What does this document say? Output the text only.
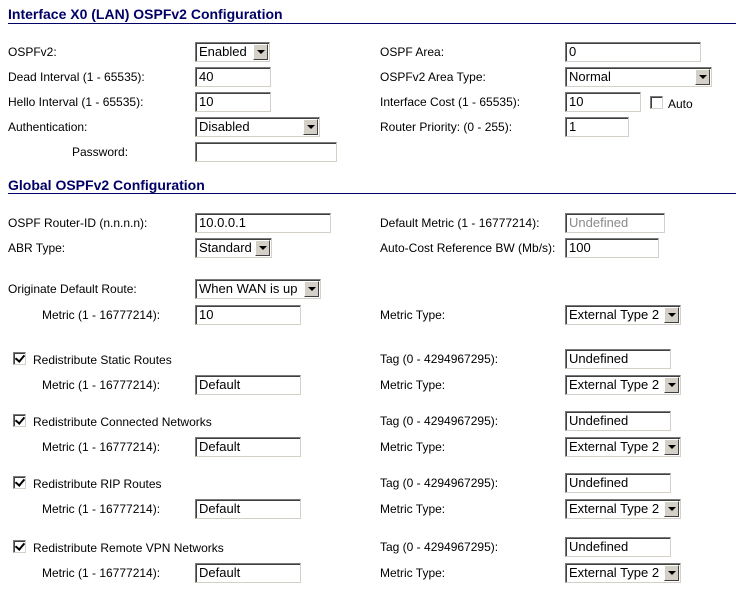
Interface X0 (LAN) OSPFv2 Configuration
OSPFv2:	Enabled	OSPF Area:	0
Dead Interval (1 - 65535):	40	OSPFv2 Area Type:	Normal
Hello Interval (1 - 65535):	10	Interface Cost (1 - 65535):	10	Auto
Authentication:	Disabled	Router Priority: (0 - 255):	1
Password:
Global OSPFv2 Configuration
OSPF Router-ID (n.n.n.n):	10.0.0.1	Default Metric (1 - 16777214):	Undefined
ABR Type:	Standard	Auto-Cost Reference BW (Mb/s):	100
Originate Default Route:	When WAN is up
Metric (1 - 16777214):	10	Metric Type:	External Type 2
Redistribute Static Routes	Tag (0 - 4294967295):	Undefined
Metric (1 - 16777214):	Default	Metric Type:	External Type 2
Redistribute Connected Networks	Tag (0 - 4294967295):	Undefined
Metric (1 - 16777214):	Default	Metric Type:	External Type 2
Redistribute RIP Routes	Tag (0 - 4294967295):	Undefined
Metric (1 - 16777214):	Default	Metric Type:	External Type 2
Redistribute Remote VPN Networks	Tag (0 - 4294967295):	Undefined
Metric (1 - 16777214):	Default	Metric Type:	External Type 2
